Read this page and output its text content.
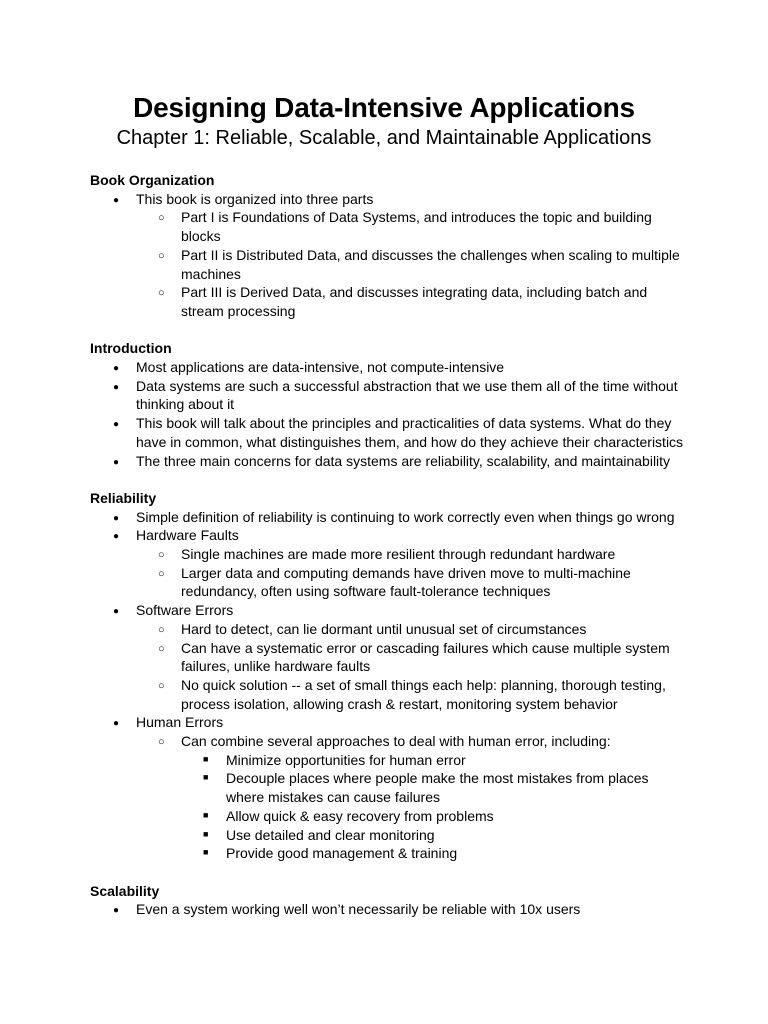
Designing Data-Intensive Applications
Chapter 1: Reliable, Scalable, and Maintainable Applications
Book Organization
●
This book is organized into three parts
○
Part I is Foundations of Data Systems, and introduces the topic and building blocks
○
Part II is Distributed Data, and discusses the challenges when scaling to multiple machines
○
Part III is Derived Data, and discusses integrating data, including batch and stream processing
Introduction
●
Most applications are data-intensive, not compute-intensive
●
Data systems are such a successful abstraction that we use them all of the time without thinking about it
●
This book will talk about the principles and practicalities of data systems. What do they have in common, what distinguishes them, and how do they achieve their characteristics
●
The three main concerns for data systems are reliability, scalability, and maintainability
Reliability
●
Simple definition of reliability is continuing to work correctly even when things go wrong
●
Hardware Faults
○
Single machines are made more resilient through redundant hardware
○
Larger data and computing demands have driven move to multi-machine redundancy, often using software fault-tolerance techniques
●
Software Errors
○
Hard to detect, can lie dormant until unusual set of circumstances
○
Can have a systematic error or cascading failures which cause multiple system failures, unlike hardware faults
○
No quick solution -- a set of small things each help: planning, thorough testing, process isolation, allowing crash & restart, monitoring system behavior
●
Human Errors
○
Can combine several approaches to deal with human error, including:
■
Minimize opportunities for human error
■
Decouple places where people make the most mistakes from places where mistakes can cause failures
■
Allow quick & easy recovery from problems
■
Use detailed and clear monitoring
■
Provide good management & training
Scalability
●
Even a system working well won’t necessarily be reliable with 10x users
